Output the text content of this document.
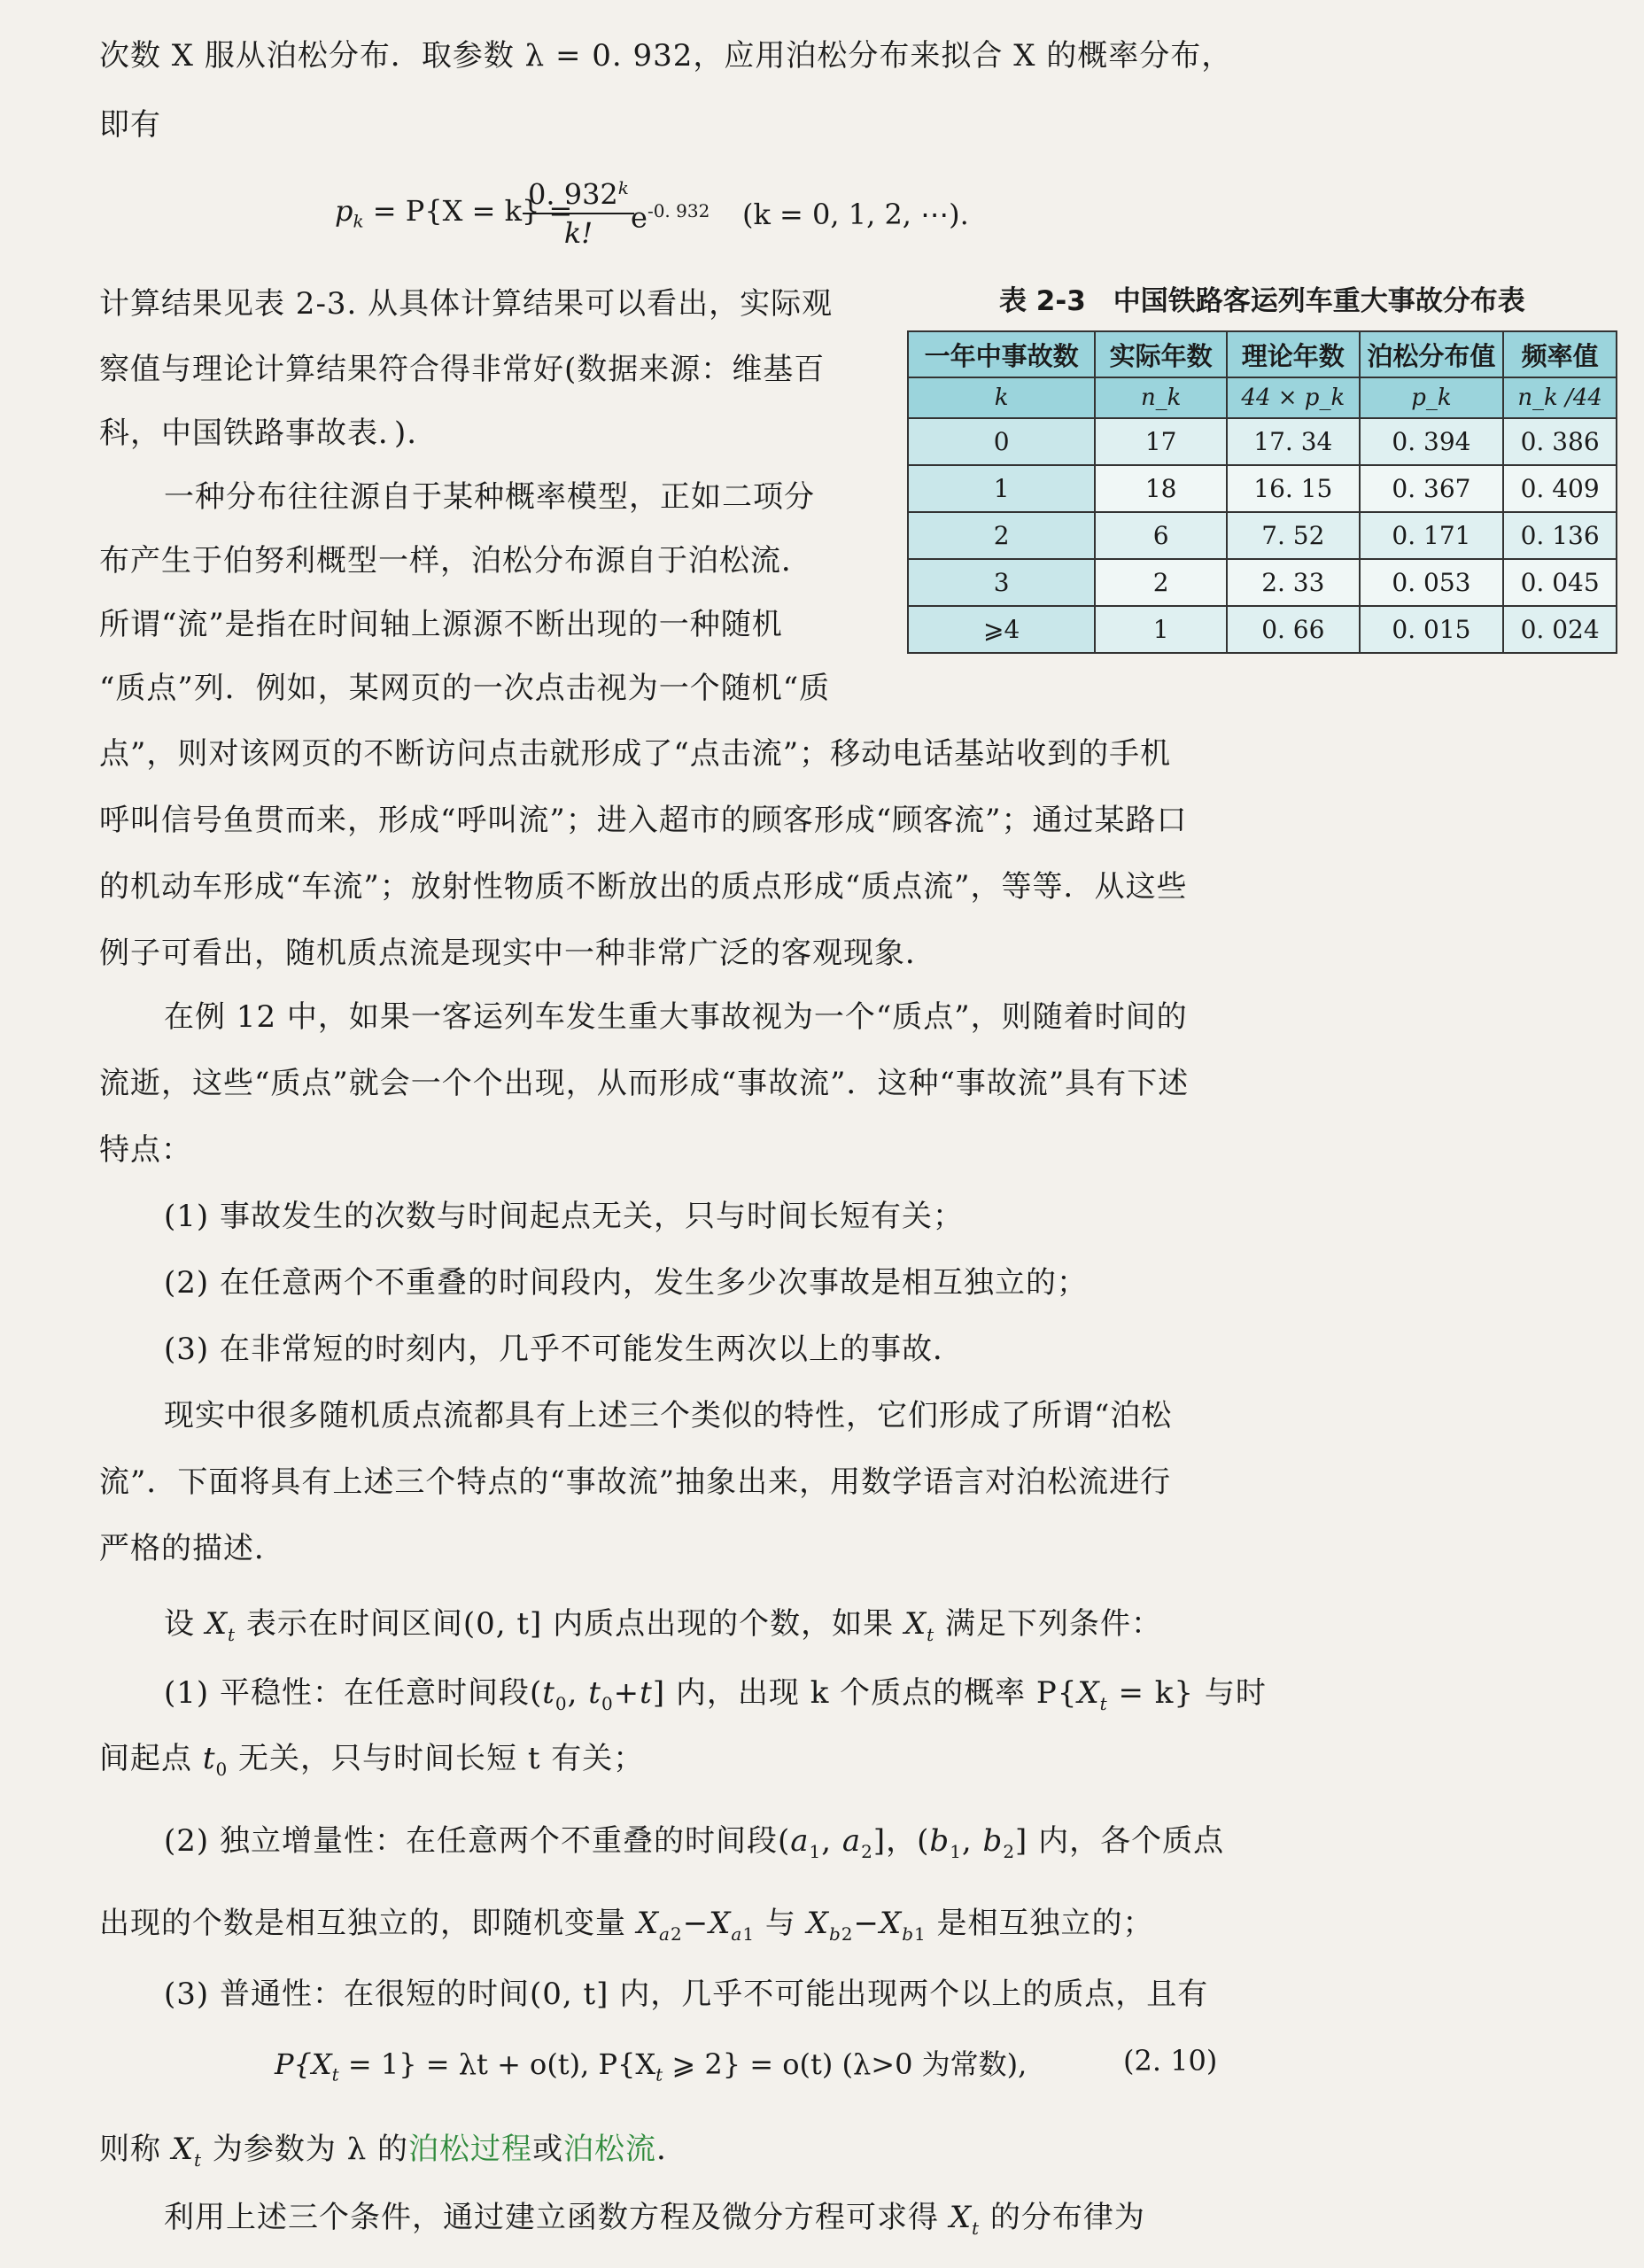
次数 X 服从泊松分布．取参数 λ = 0. 932，应用泊松分布来拟合 X 的概率分布，
即有
$p_k = P\{X = k\}$ =
$\frac{0. 932^k}{k!}$
$e^{-0. 932}$ (k = 0, 1, 2, ⋯).
计算结果见表 2-3. 从具体计算结果可以看出，实际观
察值与理论计算结果符合得非常好(数据来源：维基百
科，中国铁路事故表．).
一种分布往往源自于某种概率模型，正如二项分
布产生于伯努利概型一样，泊松分布源自于泊松流．
所谓“流”是指在时间轴上源源不断出现的一种随机
“质点”列．例如，某网页的一次点击视为一个随机“质
表 2-3　中国铁路客运列车重大事故分布表
一年中事故数	实际年数	理论年数	泊松分布值	频率值
k	n_k	44 × p_k	p_k	n_k /44
0	17	17. 34	0. 394	0. 386
1	18	16. 15	0. 367	0. 409
2	6	7. 52	0. 171	0. 136
3	2	2. 33	0. 053	0. 045
⩾4	1	0. 66	0. 015	0. 024
点”，则对该网页的不断访问点击就形成了“点击流”；移动电话基站收到的手机
呼叫信号鱼贯而来，形成“呼叫流”；进入超市的顾客形成“顾客流”；通过某路口
的机动车形成“车流”；放射性物质不断放出的质点形成“质点流”，等等．从这些
例子可看出，随机质点流是现实中一种非常广泛的客观现象．
在例 12 中，如果一客运列车发生重大事故视为一个“质点”，则随着时间的
流逝，这些“质点”就会一个个出现，从而形成“事故流”．这种“事故流”具有下述
特点：
(1) 事故发生的次数与时间起点无关，只与时间长短有关；
(2) 在任意两个不重叠的时间段内，发生多少次事故是相互独立的；
(3) 在非常短的时刻内，几乎不可能发生两次以上的事故．
现实中很多随机质点流都具有上述三个类似的特性，它们形成了所谓“泊松
流”．下面将具有上述三个特点的“事故流”抽象出来，用数学语言对泊松流进行
严格的描述．
设 $X_t$ 表示在时间区间(0, t] 内质点出现的个数，如果 $X_t$ 满足下列条件：
(1) 平稳性：在任意时间段($t_0$, $t_0+t$] 内，出现 k 个质点的概率 $P\{X_t = k\}$ 与时
间起点 $t_0$ 无关，只与时间长短 t 有关；
(2) 独立增量性：在任意两个不重叠的时间段($a_1$, $a_2$]，($b_1$, $b_2$] 内，各个质点
出现的个数是相互独立的，即随机变量 $X_{a2}-X_{a1}$ 与 $X_{b2}-X_{b1}$ 是相互独立的；
(3) 普通性：在很短的时间(0, t] 内，几乎不可能出现两个以上的质点，且有
$P\{X_t = 1\} = \lambda t + o(t)$, $P\{X_t$ ⩾ 2} = o(t) (λ>0 为常数),	(2. 10)
则称 $X_t$ 为参数为 λ 的泊松过程或泊松流．
利用上述三个条件，通过建立函数方程及微分方程可求得 $X_t$ 的分布律为
